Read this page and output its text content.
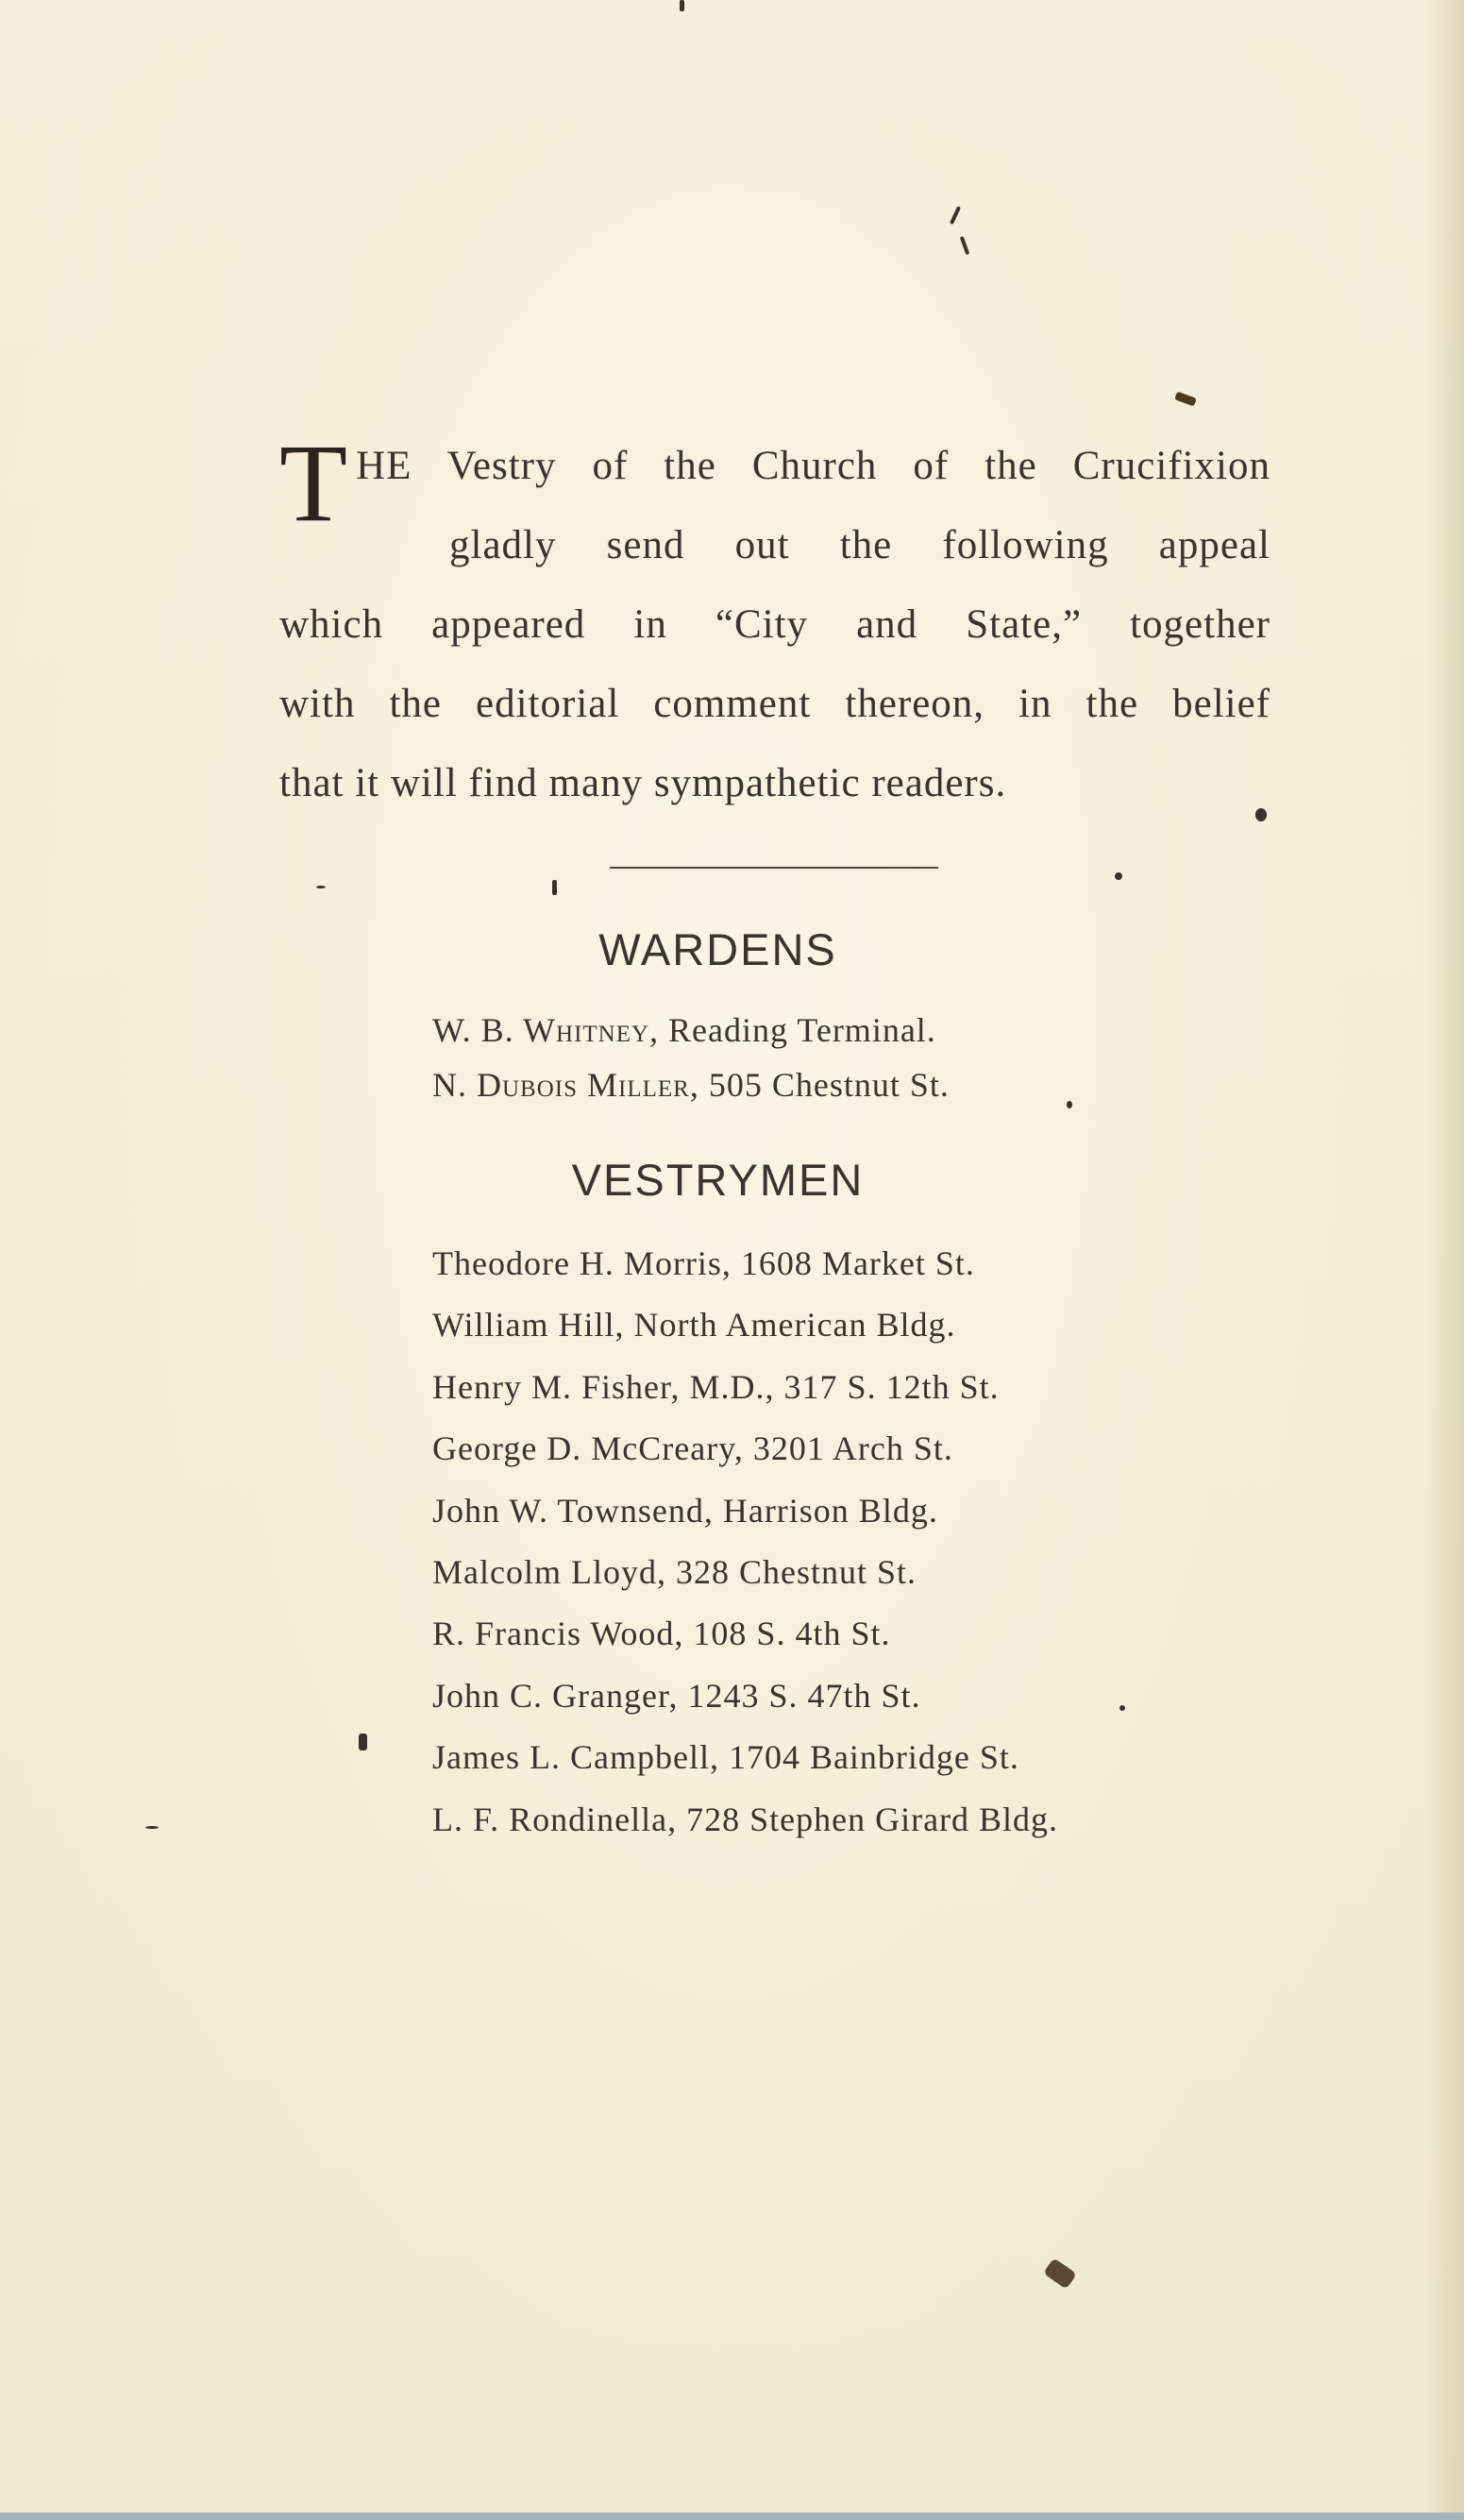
T HE Vestry of the Church of the Crucifixion
gladly send out the following appeal
which appeared in “City and State,” together
with the editorial comment thereon, in the belief
that it will find many sympathetic readers.
WARDENS
W. B. Whitney, Reading Terminal.
N. Dubois Miller, 505 Chestnut St.
VESTRYMEN
Theodore H. Morris, 1608 Market St.
William Hill, North American Bldg.
Henry M. Fisher, M.D., 317 S. 12th St.
George D. McCreary, 3201 Arch St.
John W. Townsend, Harrison Bldg.
Malcolm Lloyd, 328 Chestnut St.
R. Francis Wood, 108 S. 4th St.
John C. Granger, 1243 S. 47th St.
James L. Campbell, 1704 Bainbridge St.
L. F. Rondinella, 728 Stephen Girard Bldg.
